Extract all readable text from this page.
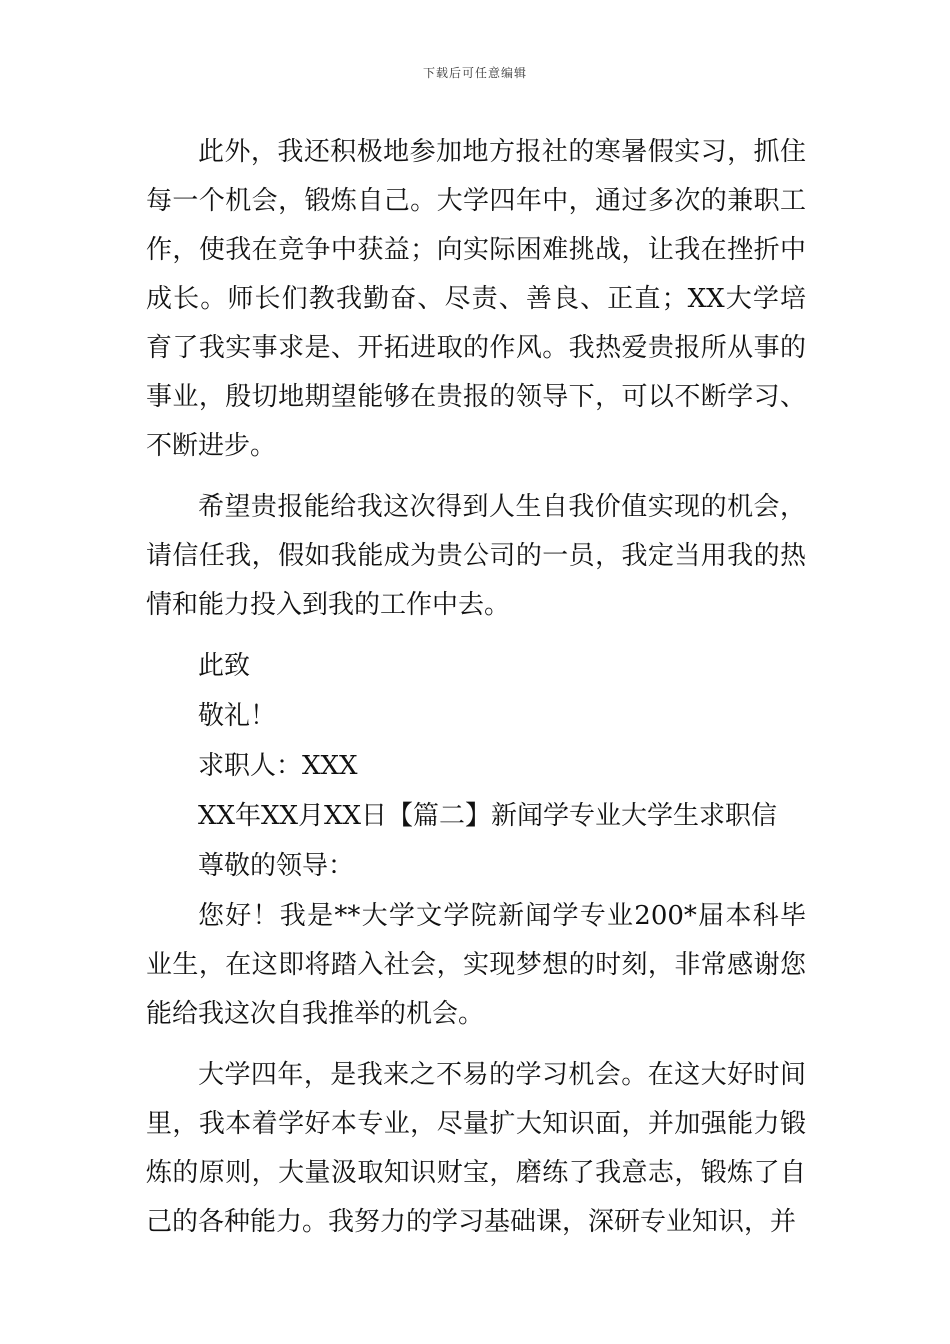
下载后可任意编辑

此外，我还积极地参加地方报社的寒暑假实习，抓住每一个机会，锻炼自己。大学四年中，通过多次的兼职工作，使我在竞争中获益；向实际困难挑战，让我在挫折中成长。师长们教我勤奋、尽责、善良、正直；XX大学培育了我实事求是、开拓进取的作风。我热爱贵报所从事的事业，殷切地期望能够在贵报的领导下，可以不断学习、不断进步。

希望贵报能给我这次得到人生自我价值实现的机会，请信任我，假如我能成为贵公司的一员，我定当用我的热情和能力投入到我的工作中去。

此致

敬礼！

求职人：XXX

XX年XX月XX日【篇二】新闻学专业大学生求职信

尊敬的领导：

您好！我是**大学文学院新闻学专业200*届本科毕业生，在这即将踏入社会，实现梦想的时刻，非常感谢您能给我这次自我推举的机会。

大学四年，是我来之不易的学习机会。在这大好时间里，我本着学好本专业，尽量扩大知识面，并加强能力锻炼的原则，大量汲取知识财宝，磨练了我意志，锻炼了自己的各种能力。我努力的学习基础课，深研专业知识，并
